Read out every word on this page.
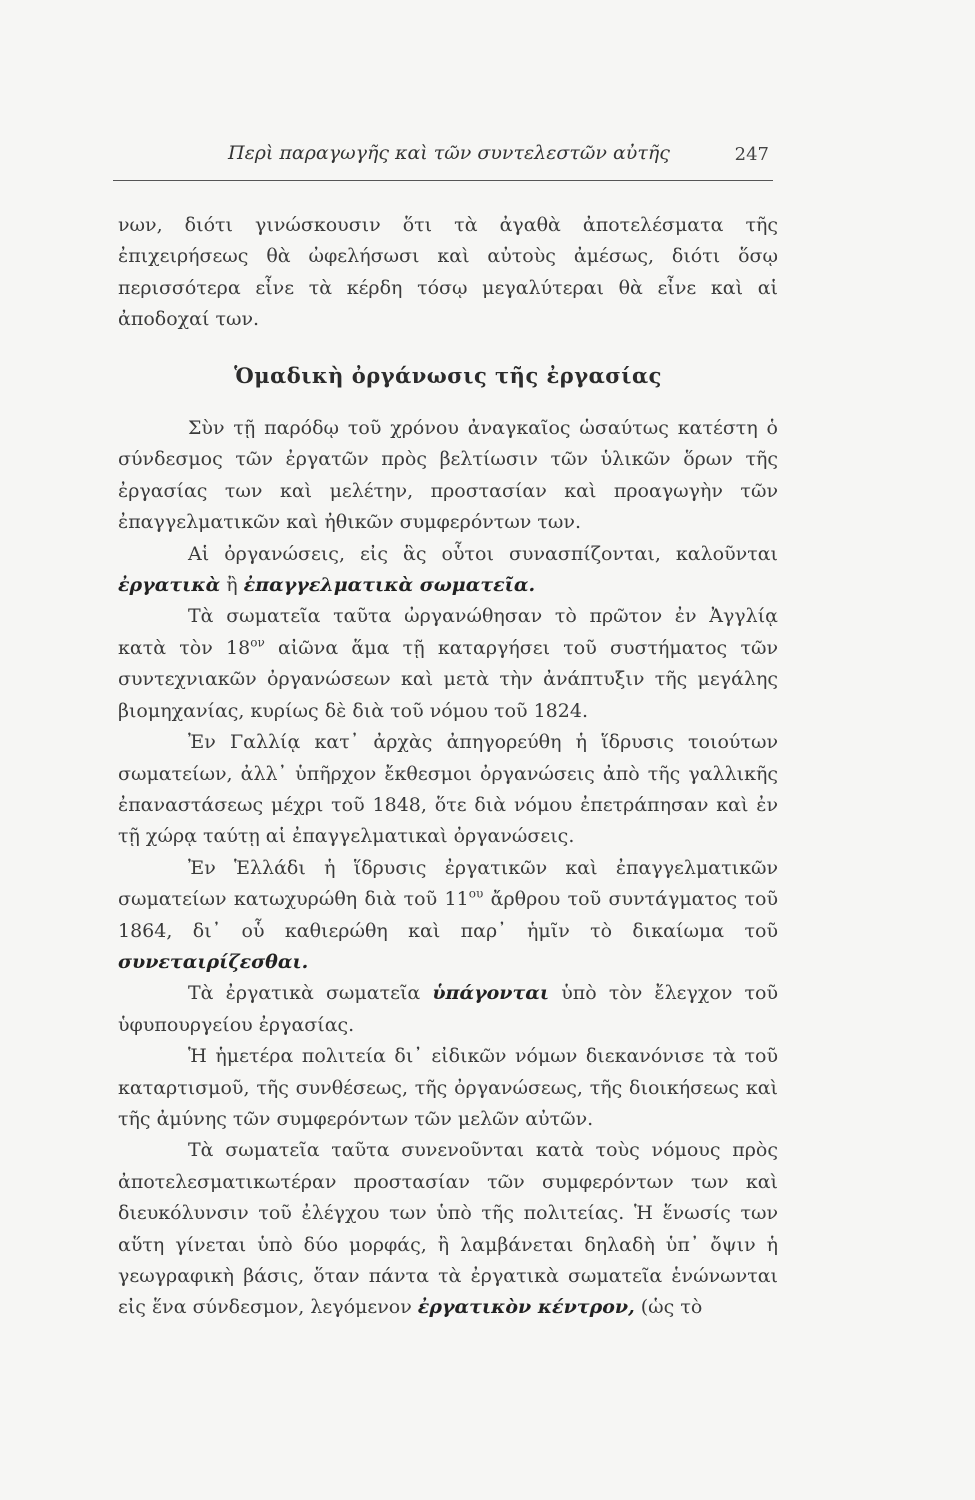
Περὶ παραγωγῆς καὶ τῶν συντελεστῶν αὐτῆς	247

νων, διότι γινώσκουσιν ὅτι τὰ ἀγαθὰ ἀποτελέσματα τῆς ἐπιχειρήσεως θὰ ὠφελήσωσι καὶ αὐτοὺς ἀμέσως, διότι ὅσῳ περισσότερα εἶνε τὰ κέρδη τόσῳ μεγαλύτεραι θὰ εἶνε καὶ αἱ ἀποδοχαί των.

Ὁμαδικὴ ὀργάνωσις τῆς ἐργασίας

Σὺν τῇ παρόδῳ τοῦ χρόνου ἀναγκαῖος ὡσαύτως κατέστη ὁ σύνδεσμος τῶν ἐργατῶν πρὸς βελτίωσιν τῶν ὑλικῶν ὅρων τῆς ἐργασίας των καὶ μελέτην, προστασίαν καὶ προαγωγὴν τῶν ἐπαγγελματικῶν καὶ ἠθικῶν συμφερόντων των.

Αἱ ὀργανώσεις, εἰς ἃς οὗτοι συνασπίζονται, καλοῦνται ἐργατικὰ ἢ ἐπαγγελματικὰ σωματεῖα.

Τὰ σωματεῖα ταῦτα ὠργανώθησαν τὸ πρῶτον ἐν Ἀγγλίᾳ κατὰ τὸν $18^{o\nu}$ αἰῶνα ἅμα τῇ καταργήσει τοῦ συστήματος τῶν συντεχνιακῶν ὀργανώσεων καὶ μετὰ τὴν ἀνάπτυξιν τῆς μεγάλης βιομηχανίας, κυρίως δὲ διὰ τοῦ νόμου τοῦ 1824.

Ἐν Γαλλίᾳ κατ᾿ ἀρχὰς ἀπηγορεύθη ἡ ἵδρυσις τοιούτων σωματείων, ἀλλ᾿ ὑπῆρχον ἔκθεσμοι ὀργανώσεις ἀπὸ τῆς γαλλικῆς ἐπαναστάσεως μέχρι τοῦ 1848, ὅτε διὰ νόμου ἐπετράπησαν καὶ ἐν τῇ χώρᾳ ταύτῃ αἱ ἐπαγγελματικαὶ ὀργανώσεις.

Ἐν Ἑλλάδι ἡ ἵδρυσις ἐργατικῶν καὶ ἐπαγγελματικῶν σωματείων κατωχυρώθη διὰ τοῦ $11^{o\upsilon}$ ἄρθρου τοῦ συντάγματος τοῦ 1864, δι᾿ οὗ καθιερώθη καὶ παρ᾿ ἡμῖν τὸ δικαίωμα τοῦ συνεταιρίζεσθαι.

Τὰ ἐργατικὰ σωματεῖα ὑπάγονται ὑπὸ τὸν ἔλεγχον τοῦ ὑφυπουργείου ἐργασίας.

Ἡ ἡμετέρα πολιτεία δι᾿ εἰδικῶν νόμων διεκανόνισε τὰ τοῦ καταρτισμοῦ, τῆς συνθέσεως, τῆς ὀργανώσεως, τῆς διοικήσεως καὶ τῆς ἀμύνης τῶν συμφερόντων τῶν μελῶν αὐτῶν.

Τὰ σωματεῖα ταῦτα συνενοῦνται κατὰ τοὺς νόμους πρὸς ἀποτελεσματικωτέραν προστασίαν τῶν συμφερόντων των καὶ διευκόλυνσιν τοῦ ἐλέγχου των ὑπὸ τῆς πολιτείας. Ἡ ἕνωσίς των αὕτη γίνεται ὑπὸ δύο μορφάς, ἢ λαμβάνεται δηλαδὴ ὑπ᾿ ὄψιν ἡ γεωγραφικὴ βάσις, ὅταν πάντα τὰ ἐργατικὰ σωματεῖα ἑνώνωνται εἰς ἕνα σύνδεσμον, λεγόμενον ἐργατικὸν κέντρον, (ὡς τὸ
